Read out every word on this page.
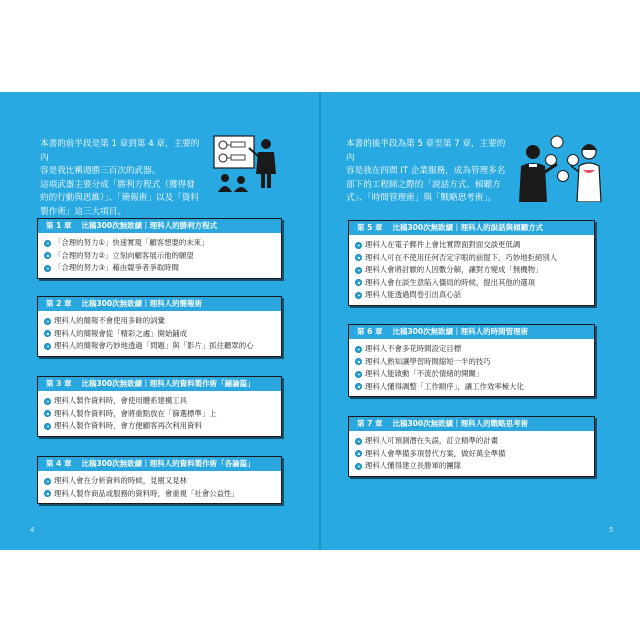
本書的前半段是第 1 章到第 4 章，主要的內
容是我比稱週勝三百次的武器。
這項武器主要分成「勝利方程式（獲得發
約的行動與思維）」、「簡報術」以及「資料
製作術」這三大項目。
第 1 章 比稿300次無敗績｜理科人的勝利方程式
「合理的努力①」快速實現「顧客想要的未來」
「合理的努力②」立刻向顧客展示他的願望
「合理的努力③」藉由競爭者爭取時間
第 2 章 比稿300次無敗績｜理科人的簡報術
理科人的簡報不會使用多餘的詞彙
理科人的簡報會從「精彩之處」開始鋪成
理科人的簡報會巧妙地透過「問題」與「影片」抓住聽眾的心
第 3 章 比稿300次無敗績｜理科人的資料製作術「鋪論篇」
理科人製作資料時，會使用體系建構工具
理科人製作資料時，會將重點放在「篩選標準」上
理科人製作資料時，會方便顧客再次利用資料
第 4 章 比稿300次無敗績｜理科人的資料製作術「各論篇」
理科人會在分析資料的時候，見樹又見林
理科人製作商品或服務的資料時，會重視「社會公益性」
4
本書的後半段為第 5 章至第 7 章，主要的內
容是我在四間 IT 企業服務，成為管理多名
部下的工程師之際的「說話方式、傾聽方
式」、「時間管理術」與「戰略思考術」。
第 5 章 比稿300次無敗績｜理科人的說話與傾聽方式
理科人在電子郵件上會比實際面對面交談更低調
理科人可在不使用任何否定字眼的前提下，巧妙地拒絕別人
理科人會將討厭的人因數分解，讓對方變成「無機物」
理科人會在談生意陷入僵局的時候，提出其他的選項
理科人能透過問卷引出真心話
第 6 章 比稿300次無敗績｜理科人的時間管理術
理科人不會多花時間設定目標
理科人熟知讓學習時間縮短一半的技巧
理科人能啟動「不流於情緒的開關」
理科人懂得調整「工作順序」，讓工作效率極大化
第 7 章 比稿300次無敗績｜理科人的戰略思考術
理科人可預測潛在失誤，訂立精準的計畫
理科人會準備多項替代方案，做好萬全準備
理科人懂得建立長勝軍的團隊
5
